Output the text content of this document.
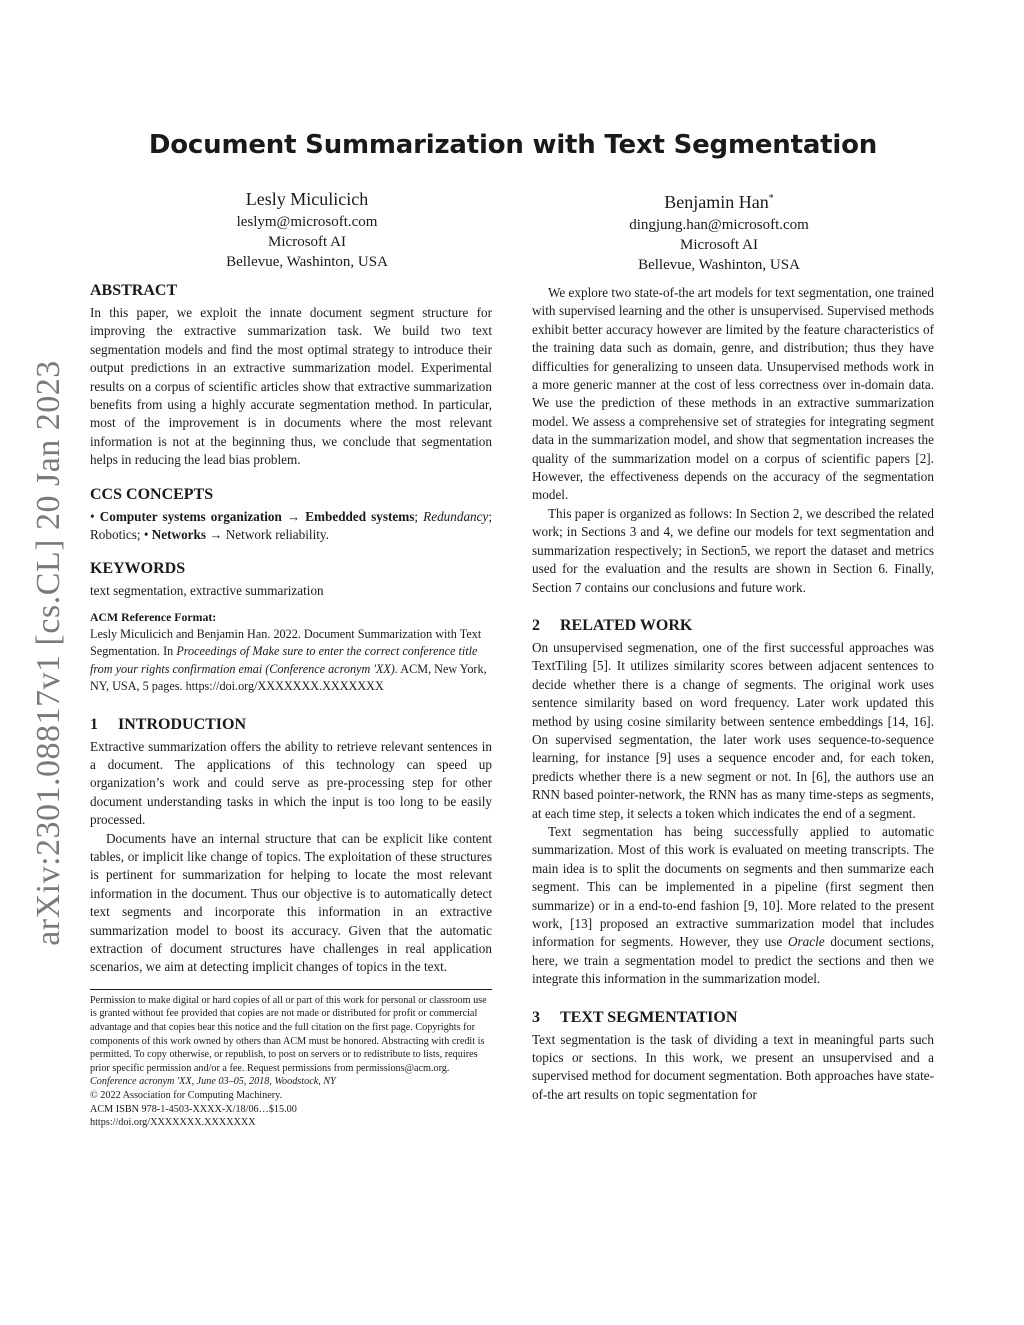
arXiv:2301.08817v1 [cs.CL] 20 Jan 2023
Document Summarization with Text Segmentation
Lesly Miculicich
leslym@microsoft.com
Microsoft AI
Bellevue, Washinton, USA
Benjamin Han*
dingjung.han@microsoft.com
Microsoft AI
Bellevue, Washinton, USA
ABSTRACT

In this paper, we exploit the innate document segment structure for improving the extractive summarization task. We build two text segmentation models and find the most optimal strategy to introduce their output predictions in an extractive summarization model. Experimental results on a corpus of scientific articles show that extractive summarization benefits from using a highly accurate segmentation method. In particular, most of the improvement is in documents where the most relevant information is not at the beginning thus, we conclude that segmentation helps in reducing the lead bias problem.

CCS CONCEPTS

• Computer systems organization → Embedded systems; Redundancy; Robotics; • Networks → Network reliability.

KEYWORDS

text segmentation, extractive summarization

ACM Reference Format:

Lesly Miculicich and Benjamin Han. 2022. Document Summarization with Text Segmentation. In Proceedings of Make sure to enter the correct conference title from your rights confirmation emai (Conference acronym 'XX). ACM, New York, NY, USA, 5 pages. https://doi.org/XXXXXXX.XXXXXXX

1 INTRODUCTION

Extractive summarization offers the ability to retrieve relevant sentences in a document. The applications of this technology can speed up organization’s work and could serve as pre-processing step for other document understanding tasks in which the input is too long to be easily processed.

Documents have an internal structure that can be explicit like content tables, or implicit like change of topics. The exploitation of these structures is pertinent for summarization for helping to locate the most relevant information in the document. Thus our objective is to automatically detect text segments and incorporate this information in an extractive summarization model to boost its accuracy. Given that the automatic extraction of document structures have challenges in real application scenarios, we aim at detecting implicit changes of topics in the text.

Permission to make digital or hard copies of all or part of this work for personal or classroom use is granted without fee provided that copies are not made or distributed for profit or commercial advantage and that copies bear this notice and the full citation on the first page. Copyrights for components of this work owned by others than ACM must be honored. Abstracting with credit is permitted. To copy otherwise, or republish, to post on servers or to redistribute to lists, requires prior specific permission and/or a fee. Request permissions from permissions@acm.org.

Conference acronym 'XX, June 03–05, 2018, Woodstock, NY

© 2022 Association for Computing Machinery.

ACM ISBN 978-1-4503-XXXX-X/18/06…$15.00

https://doi.org/XXXXXXX.XXXXXXX

We explore two state-of-the art models for text segmentation, one trained with supervised learning and the other is unsupervised. Supervised methods exhibit better accuracy however are limited by the feature characteristics of the training data such as domain, genre, and distribution; thus they have difficulties for generalizing to unseen data. Unsupervised methods work in a more generic manner at the cost of less correctness over in-domain data. We use the prediction of these methods in an extractive summarization model. We assess a comprehensive set of strategies for integrating segment data in the summarization model, and show that segmentation increases the quality of the summarization model on a corpus of scientific papers [2]. However, the effectiveness depends on the accuracy of the segmentation model.

This paper is organized as follows: In Section 2, we described the related work; in Sections 3 and 4, we define our models for text segmentation and summarization respectively; in Section5, we report the dataset and metrics used for the evaluation and the results are shown in Section 6. Finally, Section 7 contains our conclusions and future work.

2 RELATED WORK

On unsupervised segmenation, one of the first successful approaches was TextTiling [5]. It utilizes similarity scores between adjacent sentences to decide whether there is a change of segments. The original work uses sentence similarity based on word frequency. Later work updated this method by using cosine similarity between sentence embeddings [14, 16]. On supervised segmentation, the later work uses sequence-to-sequence learning, for instance [9] uses a sequence encoder and, for each token, predicts whether there is a new segment or not. In [6], the authors use an RNN based pointer-network, the RNN has as many time-steps as segments, at each time step, it selects a token which indicates the end of a segment.

Text segmentation has being successfully applied to automatic summarization. Most of this work is evaluated on meeting transcripts. The main idea is to split the documents on segments and then summarize each segment. This can be implemented in a pipeline (first segment then summarize) or in a end-to-end fashion [9, 10]. More related to the present work, [13] proposed an extractive summarization model that includes information for segments. However, they use Oracle document sections, here, we train a segmentation model to predict the sections and then we integrate this information in the summarization model.

3 TEXT SEGMENTATION

Text segmentation is the task of dividing a text in meaningful parts such topics or sections. In this work, we present an unsupervised and a supervised method for document segmentation. Both approaches have state-of-the art results on topic segmentation for
